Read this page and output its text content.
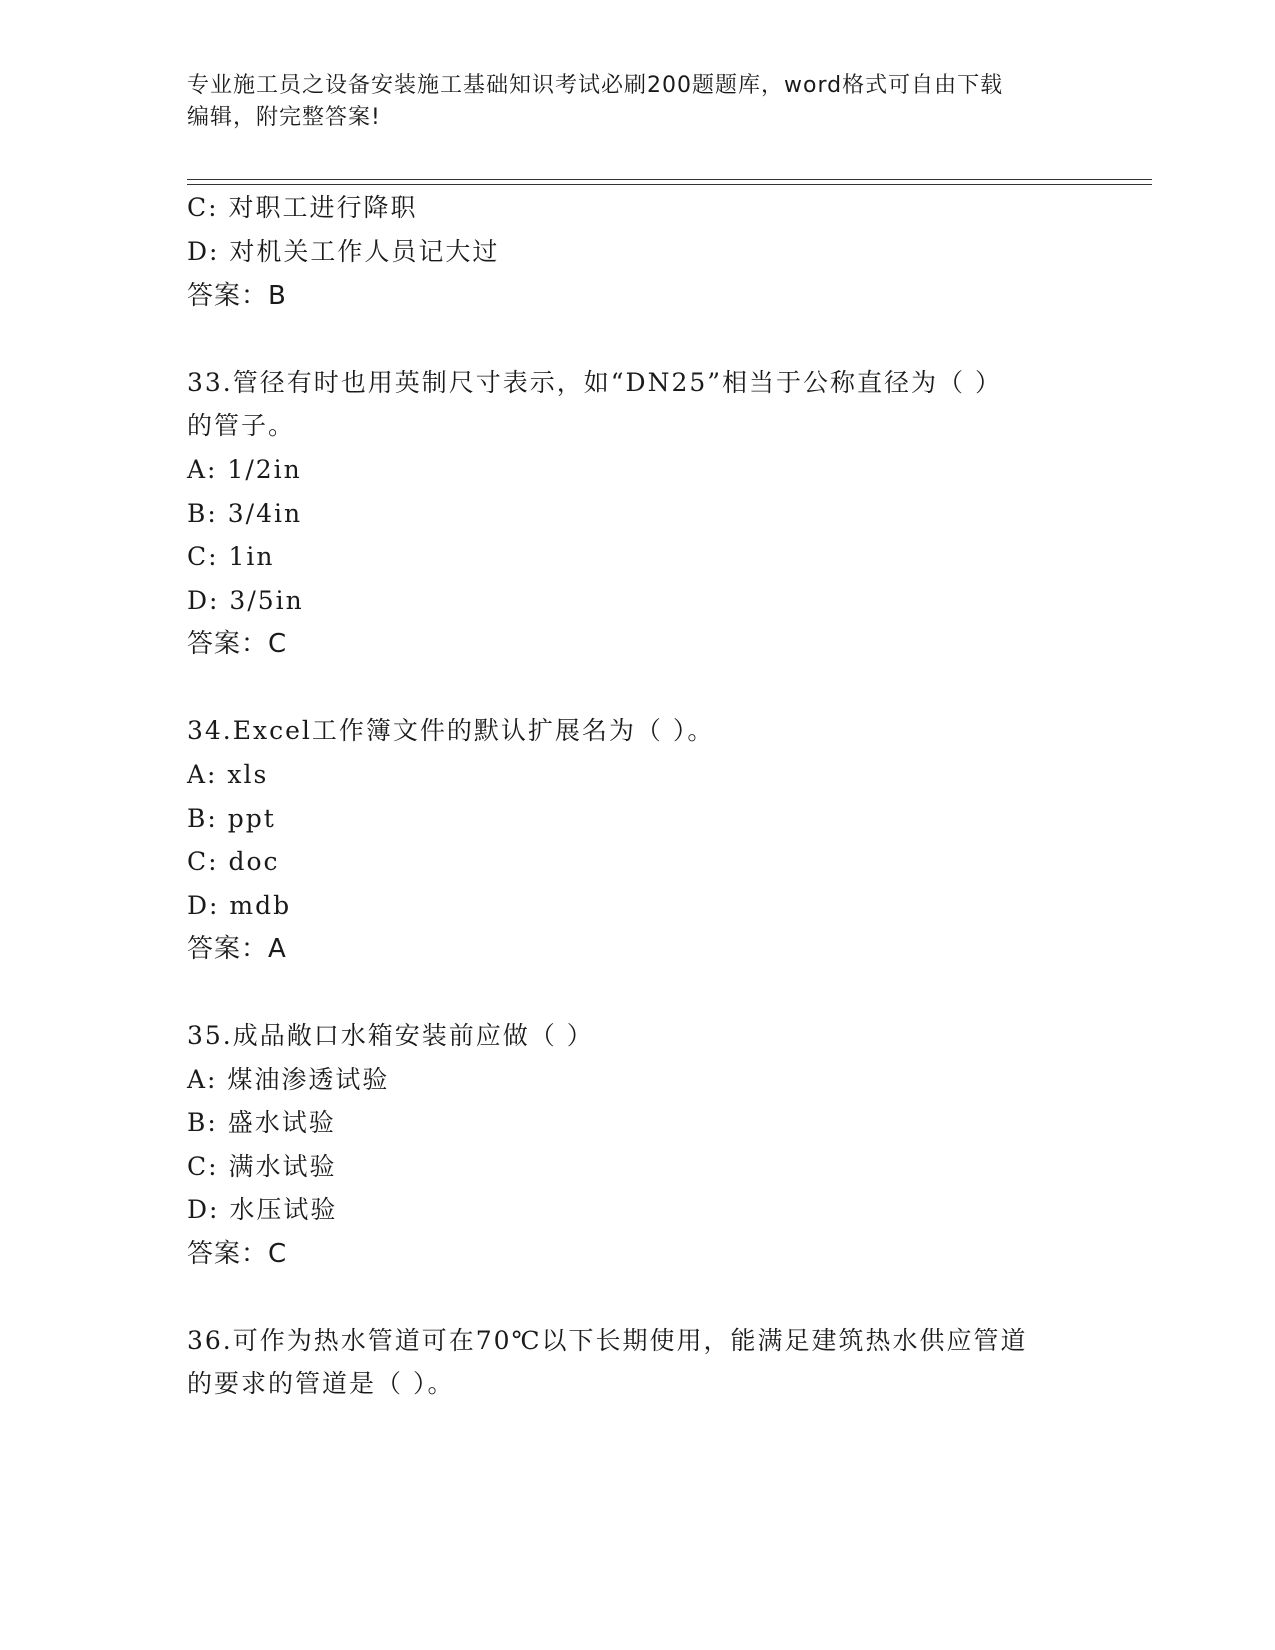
专业施工员之设备安装施工基础知识考试必刷200题题库，word格式可自由下载
编辑，附完整答案!
C: 对职工进行降职
D: 对机关工作人员记大过
答案：B
33.管径有时也用英制尺寸表示，如“DN25”相当于公称直径为（ ）
的管子。
A: 1/2in
B: 3/4in
C: 1in
D: 3/5in
答案：C
34.Excel工作簿文件的默认扩展名为（ ）。
A: xls
B: ppt
C: doc
D: mdb
答案：A
35.成品敞口水箱安装前应做（ ）
A: 煤油渗透试验
B: 盛水试验
C: 满水试验
D: 水压试验
答案：C
36.可作为热水管道可在70℃以下长期使用，能满足建筑热水供应管道
的要求的管道是（ ）。
